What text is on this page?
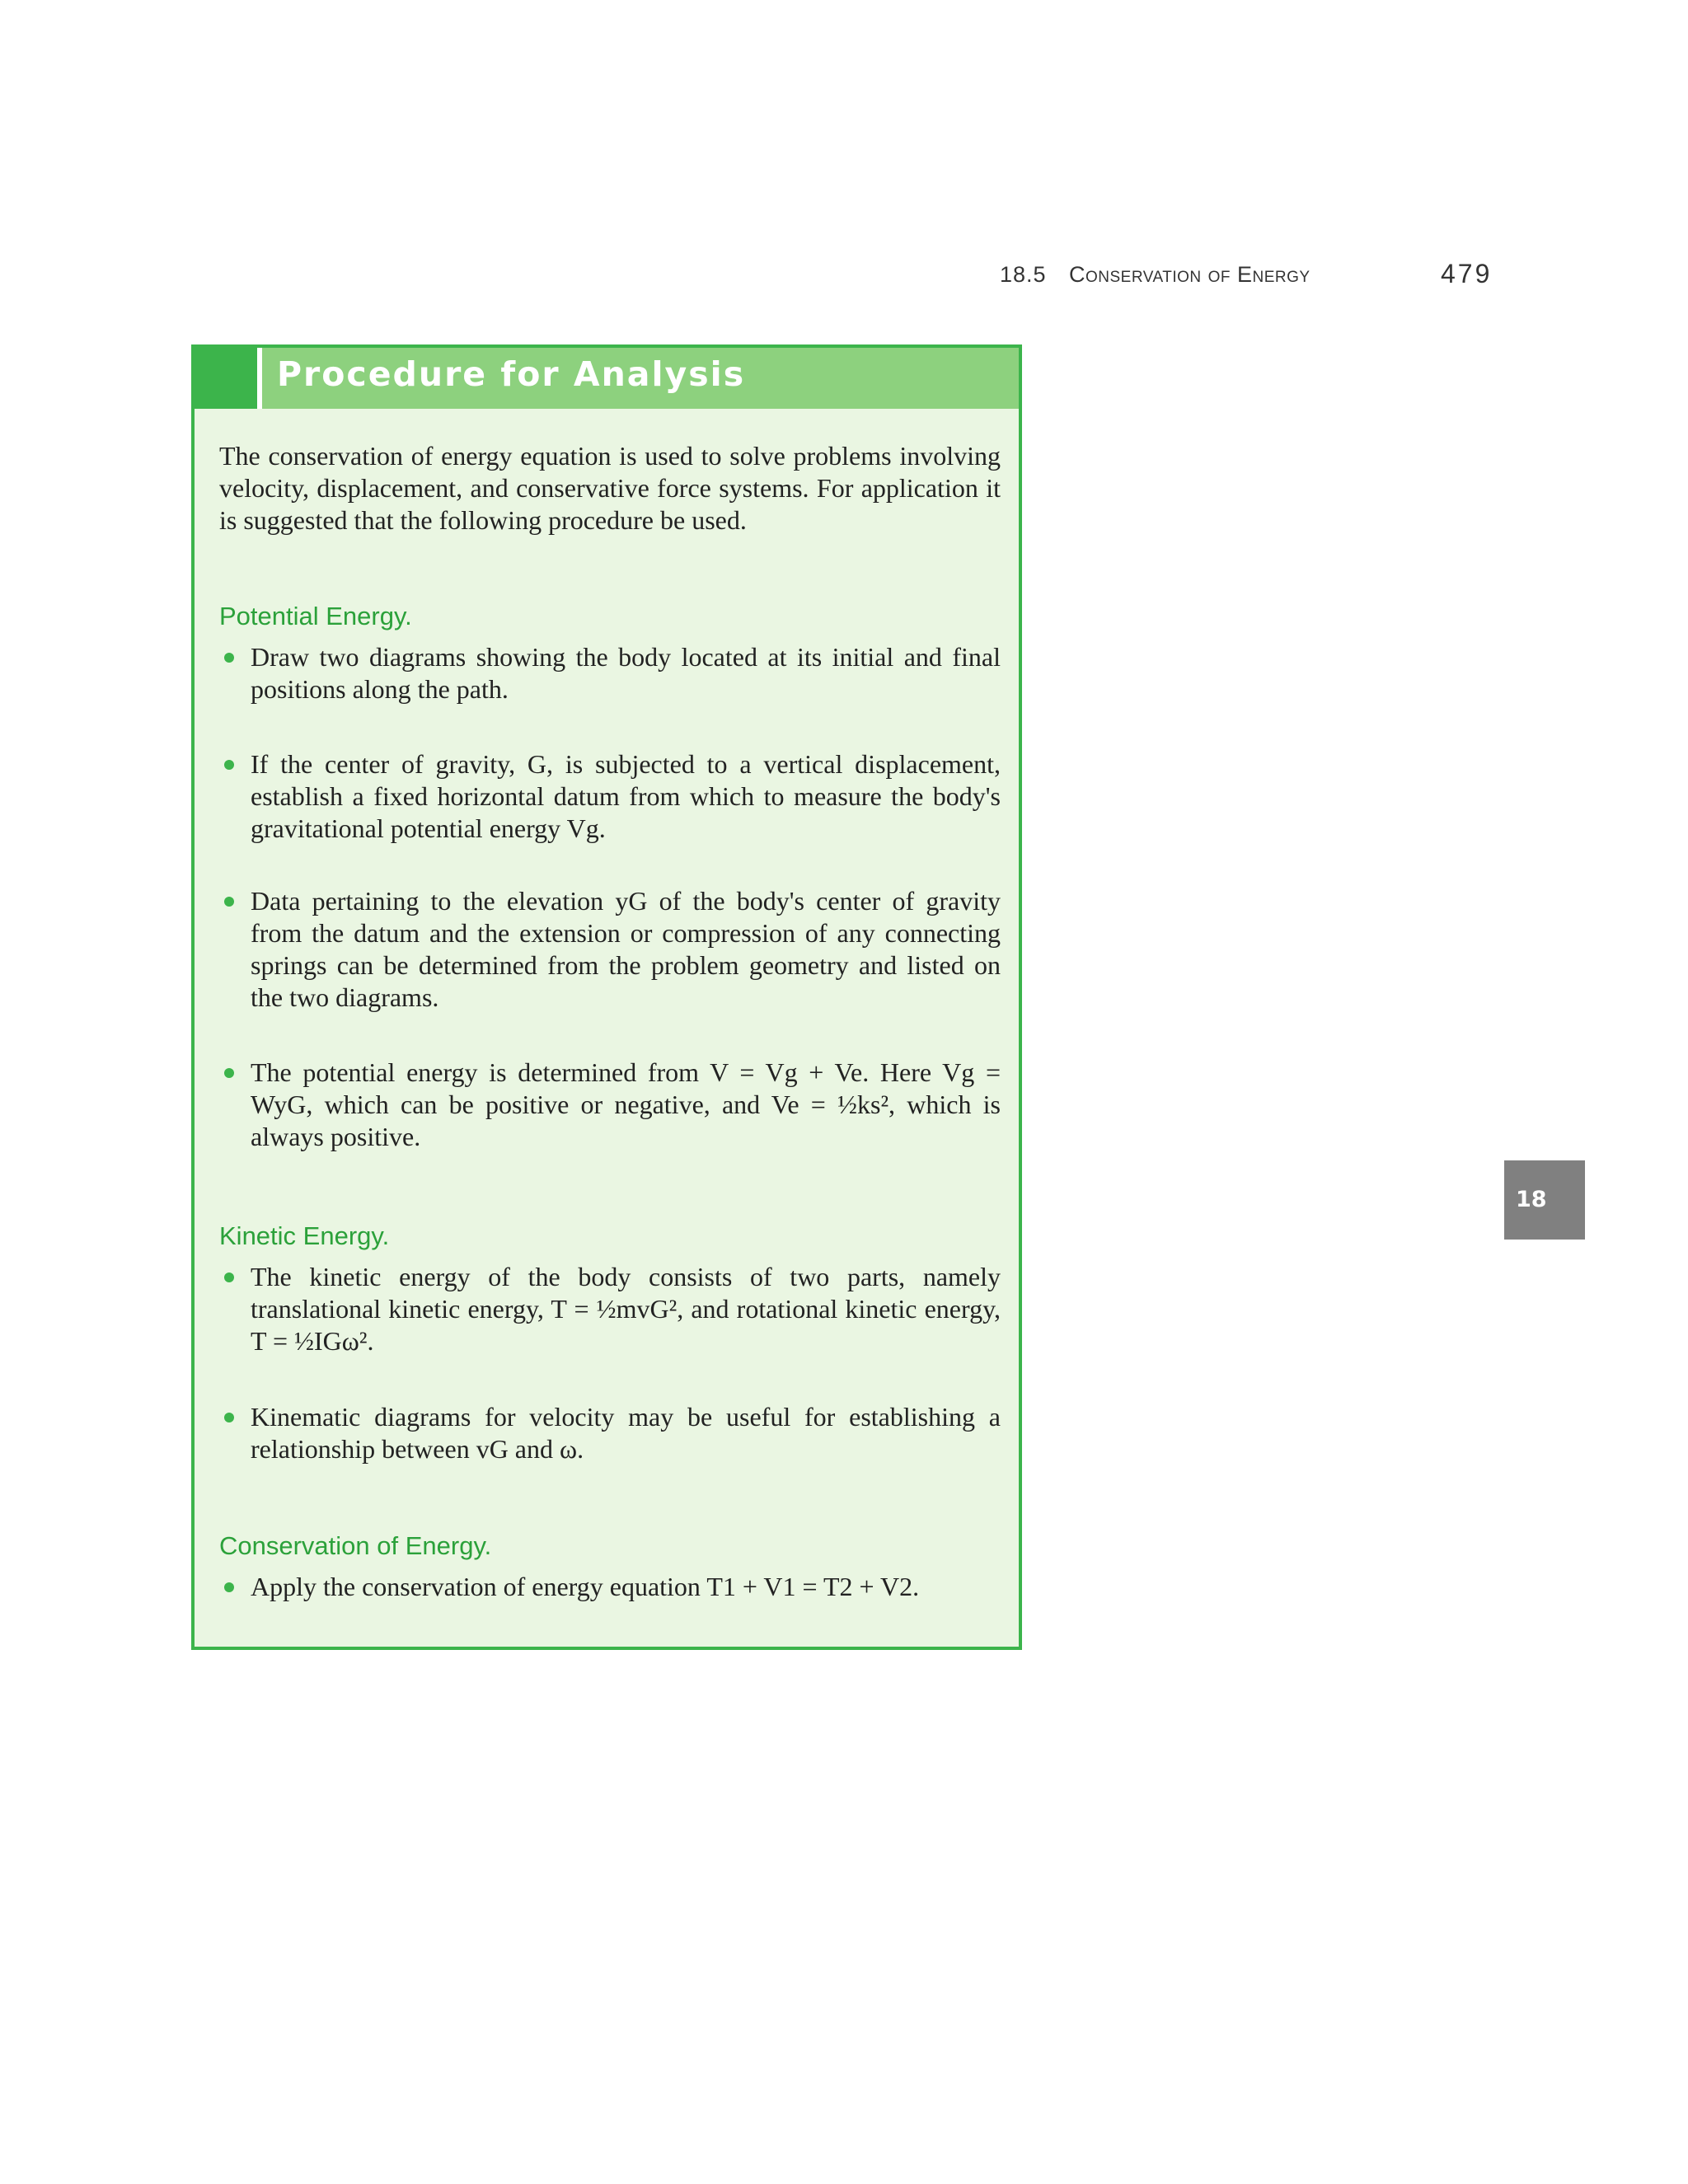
18.5 Conservation of Energy	479
Procedure for Analysis

The conservation of energy equation is used to solve problems involving velocity, displacement, and conservative force systems. For application it is suggested that the following procedure be used.

Potential Energy.

Draw two diagrams showing the body located at its initial and final positions along the path.
If the center of gravity, G, is subjected to a vertical displacement, establish a fixed horizontal datum from which to measure the body's gravitational potential energy Vg.
Data pertaining to the elevation yG of the body's center of gravity from the datum and the extension or compression of any connecting springs can be determined from the problem geometry and listed on the two diagrams.
The potential energy is determined from V = Vg + Ve. Here Vg = WyG, which can be positive or negative, and Ve = ½ks², which is always positive.

Kinetic Energy.

The kinetic energy of the body consists of two parts, namely translational kinetic energy, T = ½mvG², and rotational kinetic energy, T = ½IGω².
Kinematic diagrams for velocity may be useful for establishing a relationship between vG and ω.

Conservation of Energy.

Apply the conservation of energy equation T1 + V1 = T2 + V2.
18
